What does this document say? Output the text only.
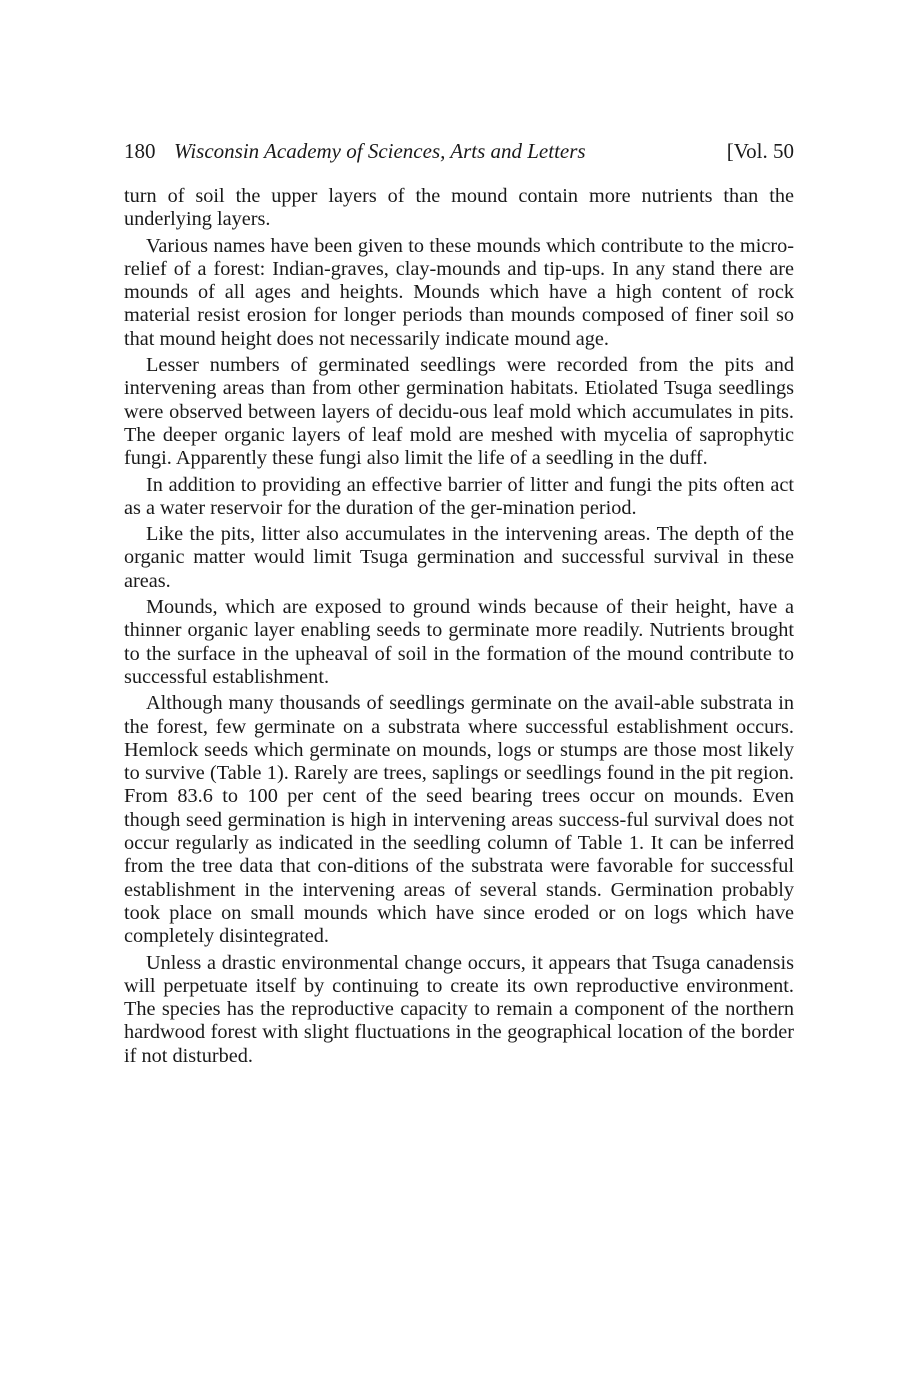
180 Wisconsin Academy of Sciences, Arts and Letters	[Vol. 50

turn of soil the upper layers of the mound contain more nutrients than the underlying layers.

Various names have been given to these mounds which contribute to the micro-relief of a forest: Indian-graves, clay-mounds and tip-ups. In any stand there are mounds of all ages and heights. Mounds which have a high content of rock material resist erosion for longer periods than mounds composed of finer soil so that mound height does not necessarily indicate mound age.

Lesser numbers of germinated seedlings were recorded from the pits and intervening areas than from other germination habitats. Etiolated Tsuga seedlings were observed between layers of decidu-ous leaf mold which accumulates in pits. The deeper organic layers of leaf mold are meshed with mycelia of saprophytic fungi. Apparently these fungi also limit the life of a seedling in the duff.

In addition to providing an effective barrier of litter and fungi the pits often act as a water reservoir for the duration of the ger-mination period.

Like the pits, litter also accumulates in the intervening areas. The depth of the organic matter would limit Tsuga germination and successful survival in these areas.

Mounds, which are exposed to ground winds because of their height, have a thinner organic layer enabling seeds to germinate more readily. Nutrients brought to the surface in the upheaval of soil in the formation of the mound contribute to successful establishment.

Although many thousands of seedlings germinate on the avail-able substrata in the forest, few germinate on a substrata where successful establishment occurs. Hemlock seeds which germinate on mounds, logs or stumps are those most likely to survive (Table 1). Rarely are trees, saplings or seedlings found in the pit region. From 83.6 to 100 per cent of the seed bearing trees occur on mounds. Even though seed germination is high in intervening areas success-ful survival does not occur regularly as indicated in the seedling column of Table 1. It can be inferred from the tree data that con-ditions of the substrata were favorable for successful establishment in the intervening areas of several stands. Germination probably took place on small mounds which have since eroded or on logs which have completely disintegrated.

Unless a drastic environmental change occurs, it appears that Tsuga canadensis will perpetuate itself by continuing to create its own reproductive environment. The species has the reproductive capacity to remain a component of the northern hardwood forest with slight fluctuations in the geographical location of the border if not disturbed.
